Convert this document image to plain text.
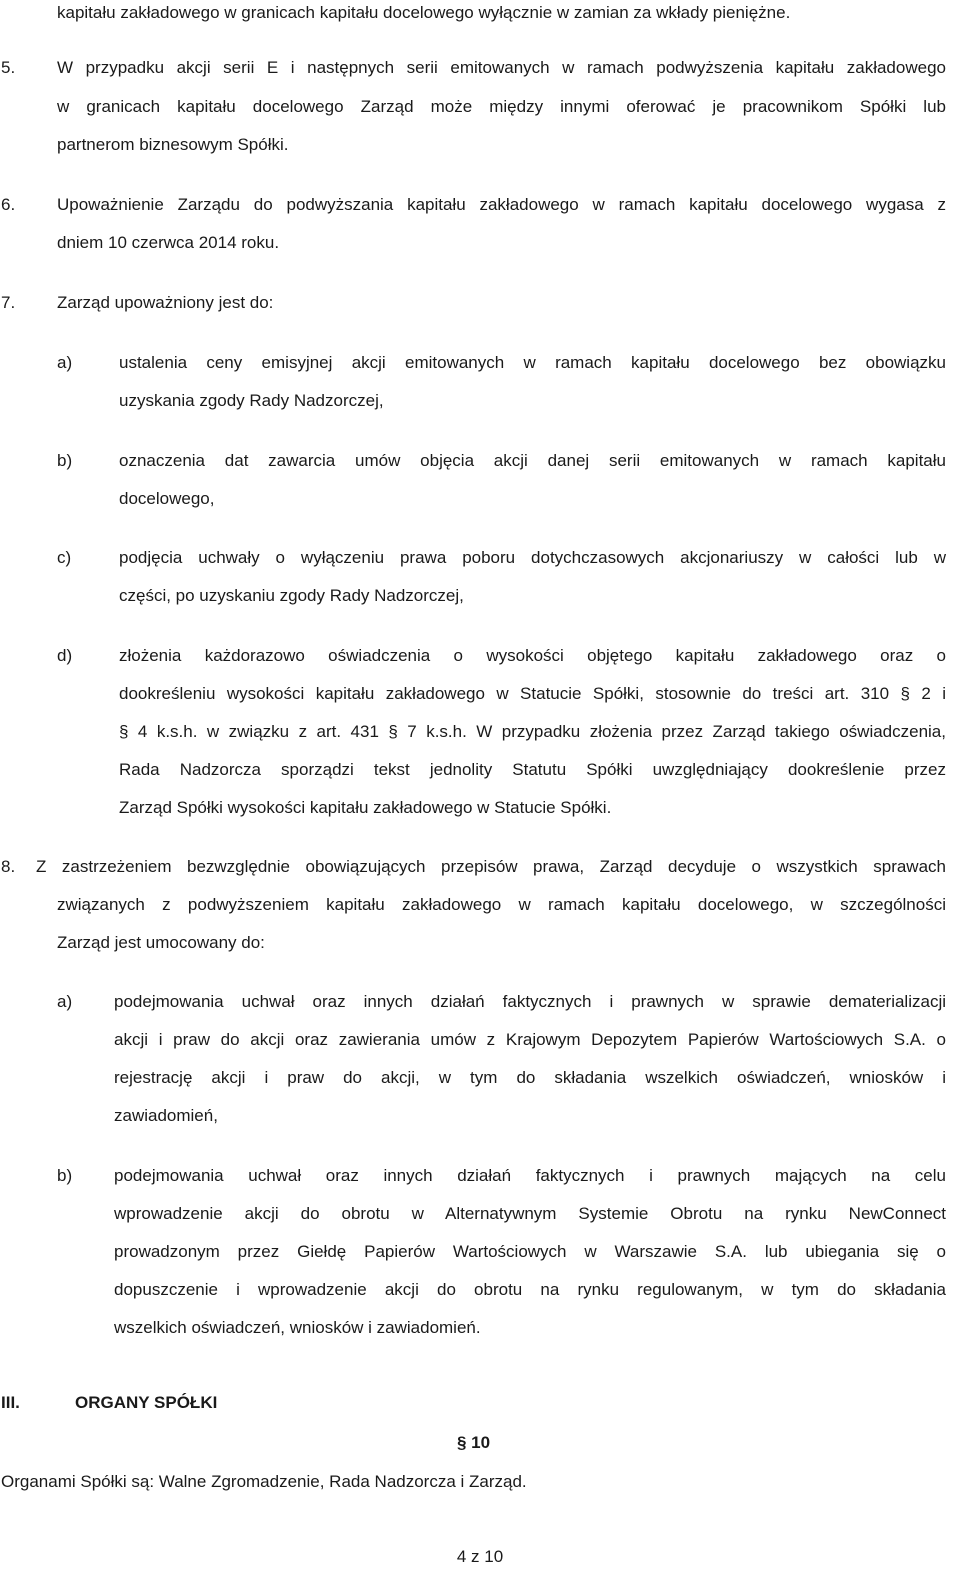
kapitału zakładowego w granicach kapitału docelowego wyłącznie w zamian za wkłady pieniężne.
5. W przypadku akcji serii E i następnych serii emitowanych w ramach podwyższenia kapitału zakładowego
w granicach kapitału docelowego Zarząd może między innymi oferować je pracownikom Spółki lub
partnerom biznesowym Spółki.
6. Upoważnienie Zarządu do podwyższania kapitału zakładowego w ramach kapitału docelowego wygasa z
dniem 10 czerwca 2014 roku.
7. Zarząd upoważniony jest do:
a)	ustalenia ceny emisyjnej akcji emitowanych w ramach kapitału docelowego bez obowiązku
uzyskania zgody Rady Nadzorczej,
b)	oznaczenia dat zawarcia umów objęcia akcji danej serii emitowanych w ramach kapitału
docelowego,
c)	podjęcia uchwały o wyłączeniu prawa poboru dotychczasowych akcjonariuszy w całości lub w
części, po uzyskaniu zgody Rady Nadzorczej,
d)	złożenia każdorazowo oświadczenia o wysokości objętego kapitału zakładowego oraz o
dookreśleniu wysokości kapitału zakładowego w Statucie Spółki, stosownie do treści art. 310 § 2 i
§ 4 k.s.h. w związku z art. 431 § 7 k.s.h. W przypadku złożenia przez Zarząd takiego oświadczenia,
Rada Nadzorcza sporządzi tekst jednolity Statutu Spółki uwzględniający dookreślenie przez
Zarząd Spółki wysokości kapitału zakładowego w Statucie Spółki.
8. Z zastrzeżeniem bezwzględnie obowiązujących przepisów prawa, Zarząd decyduje o wszystkich sprawach
związanych z podwyższeniem kapitału zakładowego w ramach kapitału docelowego, w szczególności
Zarząd jest umocowany do:
a) podejmowania uchwał oraz innych działań faktycznych i prawnych w sprawie dematerializacji
akcji i praw do akcji oraz zawierania umów z Krajowym Depozytem Papierów Wartościowych S.A. o
rejestrację akcji i praw do akcji, w tym do składania wszelkich oświadczeń, wniosków i
zawiadomień,
b) podejmowania uchwał oraz innych działań faktycznych i prawnych mających na celu
wprowadzenie akcji do obrotu w Alternatywnym Systemie Obrotu na rynku NewConnect
prowadzonym przez Giełdę Papierów Wartościowych w Warszawie S.A. lub ubiegania się o
dopuszczenie i wprowadzenie akcji do obrotu na rynku regulowanym, w tym do składania
wszelkich oświadczeń, wniosków i zawiadomień.
III.	ORGANY SPÓŁKI
§ 10
Organami Spółki są: Walne Zgromadzenie, Rada Nadzorcza i Zarząd.
4 z 10
